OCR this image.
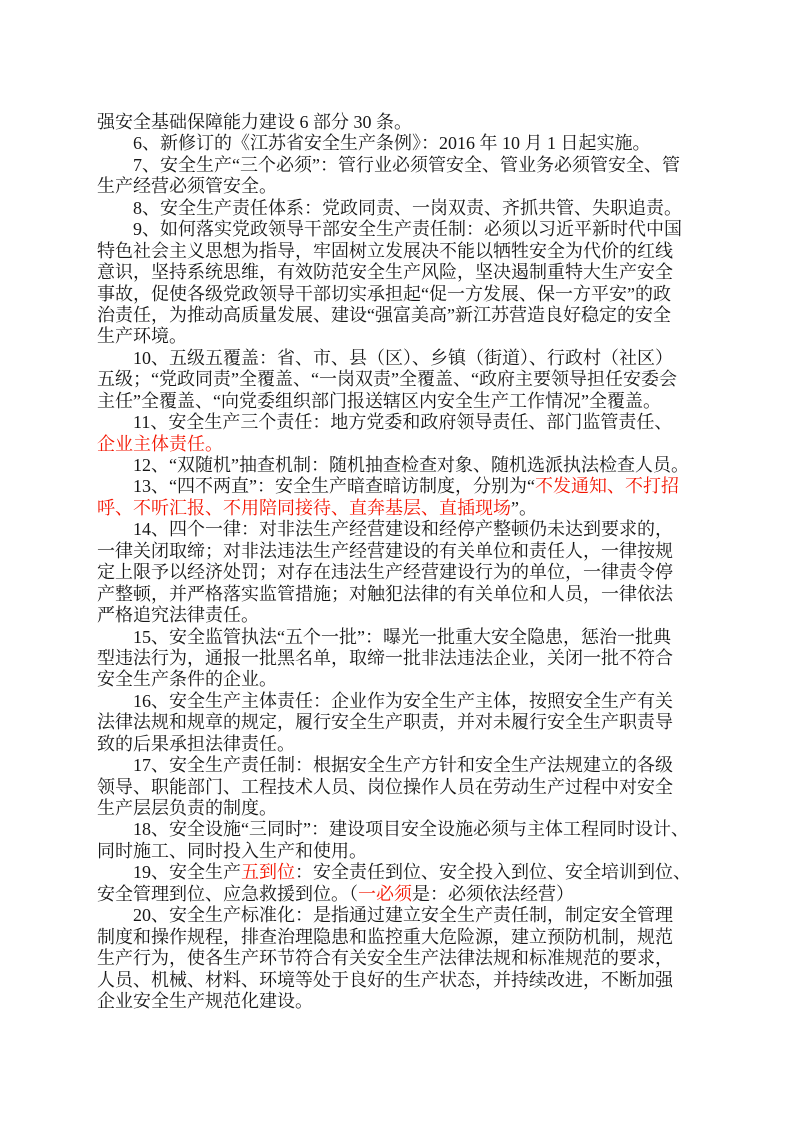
强安全基础保障能力建设 6 部分 30 条。
6、新修订的《江苏省安全生产条例》：2016 年 10 月 1 日起实施。
7、安全生产“三个必须”：管行业必须管安全、管业务必须管安全、管
生产经营必须管安全。
8、安全生产责任体系：党政同责、一岗双责、齐抓共管、失职追责。
9、如何落实党政领导干部安全生产责任制：必须以习近平新时代中国
特色社会主义思想为指导，牢固树立发展决不能以牺牲安全为代价的红线
意识，坚持系统思维，有效防范安全生产风险，坚决遏制重特大生产安全
事故，促使各级党政领导干部切实承担起“促一方发展、保一方平安”的政
治责任，为推动高质量发展、建设“强富美高”新江苏营造良好稳定的安全
生产环境。
10、五级五覆盖：省、市、县（区）、乡镇（街道）、行政村（社区）
五级；“党政同责”全覆盖、“一岗双责”全覆盖、“政府主要领导担任安委会
主任”全覆盖、“向党委组织部门报送辖区内安全生产工作情况”全覆盖。
11、安全生产三个责任：地方党委和政府领导责任、部门监管责任、
企业主体责任。
12、“双随机”抽查机制：随机抽查检查对象、随机选派执法检查人员。
13、“四不两直”：安全生产暗查暗访制度，分别为“不发通知、不打招
呼、不听汇报、不用陪同接待、直奔基层、直插现场”。
14、四个一律：对非法生产经营建设和经停产整顿仍未达到要求的，
一律关闭取缔；对非法违法生产经营建设的有关单位和责任人，一律按规
定上限予以经济处罚；对存在违法生产经营建设行为的单位，一律责令停
产整顿，并严格落实监管措施；对触犯法律的有关单位和人员，一律依法
严格追究法律责任。
15、安全监管执法“五个一批”：曝光一批重大安全隐患，惩治一批典
型违法行为，通报一批黑名单，取缔一批非法违法企业，关闭一批不符合
安全生产条件的企业。
16、安全生产主体责任：企业作为安全生产主体，按照安全生产有关
法律法规和规章的规定，履行安全生产职责，并对未履行安全生产职责导
致的后果承担法律责任。
17、安全生产责任制：根据安全生产方针和安全生产法规建立的各级
领导、职能部门、工程技术人员、岗位操作人员在劳动生产过程中对安全
生产层层负责的制度。
18、安全设施“三同时”：建设项目安全设施必须与主体工程同时设计、
同时施工、同时投入生产和使用。
19、安全生产五到位：安全责任到位、安全投入到位、安全培训到位、
安全管理到位、应急救援到位。（一必须是：必须依法经营）
20、安全生产标准化：是指通过建立安全生产责任制，制定安全管理
制度和操作规程，排查治理隐患和监控重大危险源，建立预防机制，规范
生产行为，使各生产环节符合有关安全生产法律法规和标准规范的要求，
人员、机械、材料、环境等处于良好的生产状态，并持续改进，不断加强
企业安全生产规范化建设。
